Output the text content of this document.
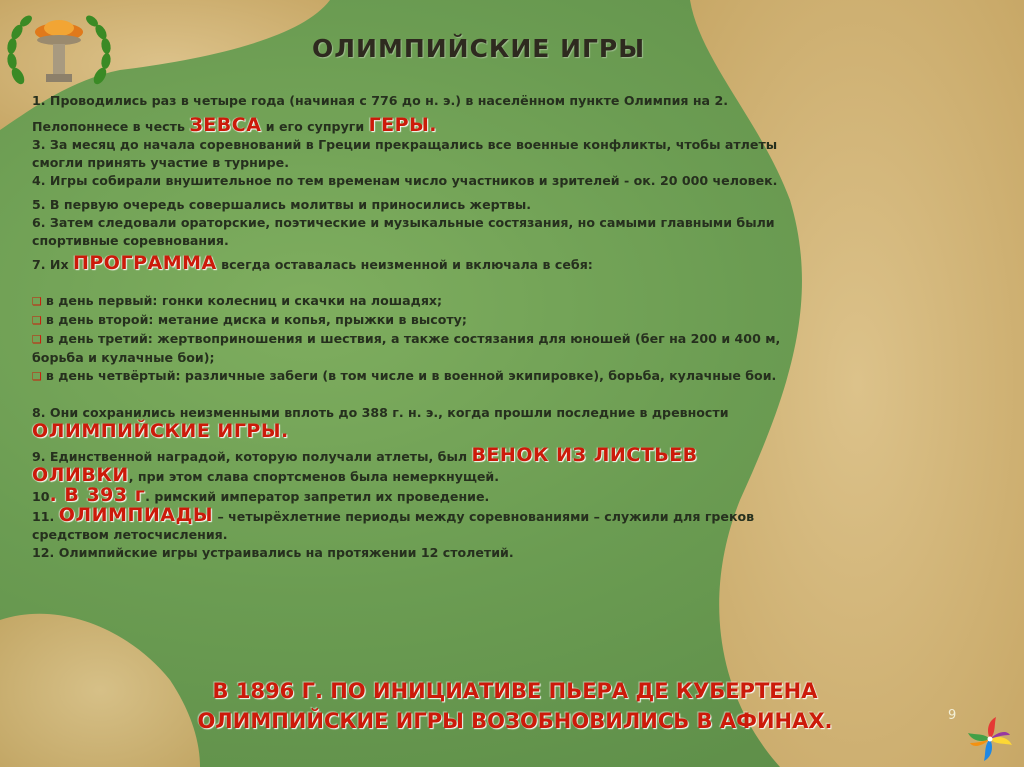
ОЛИМПИЙСКИЕ ИГРЫ

1. Проводились раз в четыре года (начиная с 776 до н. э.) в населённом пункте Олимпия на 2.

Пелопоннесе в честь ЗЕВСА и его супруги ГЕРЫ.

3. За месяц до начала соревнований в Греции прекращались все военные конфликты, чтобы атлеты

смогли принять участие в турнире.

4. Игры собирали внушительное по тем временам число участников и зрителей - ок. 20 000 человек.

5. В первую очередь совершались молитвы и приносились жертвы.

6. Затем следовали ораторские, поэтические и музыкальные состязания, но самыми главными были

спортивные соревнования.

7. Их ПРОГРАММА всегда оставалась неизменной и включала в себя:

❑ в день первый: гонки колесниц и скачки на лошадях;

❑ в день второй: метание диска и копья, прыжки в высоту;

❑ в день третий: жертвоприношения и шествия, а также состязания для юношей (бег на 200 и 400 м,

борьба и кулачные бои);

❑ в день четвёртый: различные забеги (в том числе и в военной экипировке), борьба, кулачные бои.

8. Они сохранились неизменными вплоть до 388 г. н. э., когда прошли последние в древности

ОЛИМПИЙСКИЕ ИГРЫ.

9. Единственной наградой, которую получали атлеты, был ВЕНОК ИЗ ЛИСТЬЕВ

ОЛИВКИ, при этом слава спортсменов была немеркнущей.

10. В 393 г. римский император запретил их проведение.

11. ОЛИМПИАДЫ – четырёхлетние периоды между соревнованиями – служили для греков

средством летосчисления.

12. Олимпийские игры устраивались на протяжении 12 столетий.

В 1896 Г. ПО ИНИЦИАТИВЕ ПЬЕРА ДЕ КУБЕРТЕНА
ОЛИМПИЙСКИЕ ИГРЫ ВОЗОБНОВИЛИСЬ В АФИНАХ.	9
